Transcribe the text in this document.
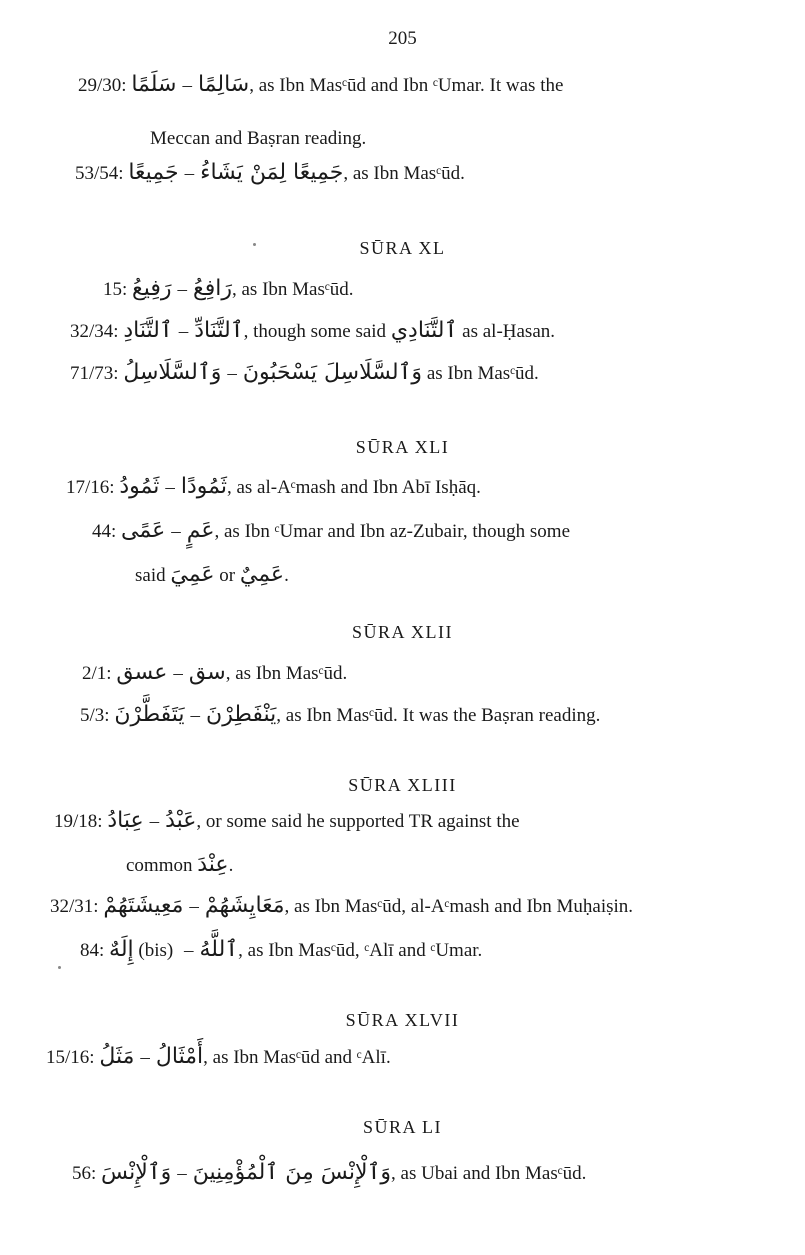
205
29/30: سَلَمًا – سَالِمًا, as Ibn Masᶜūd and Ibn ᶜUmar. It was the
Meccan and Baṣran reading.
53/54: جَمِيعًا – جَمِيعًا لِمَنْ يَشَاءُ, as Ibn Masᶜūd.
SŪRA XL
15: رَفِيعُ – رَافِعُ, as Ibn Masᶜūd.
32/34: ٱلتَّنَادِ – ٱلتَّنَادِّ, though some said ٱلتَّنَادِي as al-Ḥasan.
71/73: وَٱلسَّلَاسِلُ – وَٱلسَّلَاسِلَ يَسْحَبُونَ as Ibn Masᶜūd.
SŪRA XLI
17/16: ثَمُودُ – ثَمُودًا, as al-Aᶜmash and Ibn Abī Isḥāq.
44: عَمًى – عَمٍ, as Ibn ᶜUmar and Ibn az-Zubair, though some
said عَمِيَ or عَمِيٌ.
SŪRA XLII
2/1: عسق – سق, as Ibn Masᶜūd.
5/3: يَتَفَطَّرْنَ – يَنْفَطِرْنَ, as Ibn Masᶜūd. It was the Baṣran reading.
SŪRA XLIII
19/18: عِبَادُ – عَبْدُ, or some said he supported TR against the
common عِنْدَ.
32/31: مَعِيشَتَهُمْ – مَعَايِشَهُمْ, as Ibn Masᶜūd, al-Aᶜmash and Ibn Muḥaiṣin.
84: إِلَهٌ (bis) – ٱللَّهُ, as Ibn Masᶜūd, ᶜAlī and ᶜUmar.
SŪRA XLVII
15/16: مَثَلُ – أَمْثَالُ, as Ibn Masᶜūd and ᶜAlī.
SŪRA LI
56: وَٱلْإِنْسَ – وَٱلْإِنْسَ مِنَ ٱلْمُؤْمِنِينَ, as Ubai and Ibn Masᶜūd.
